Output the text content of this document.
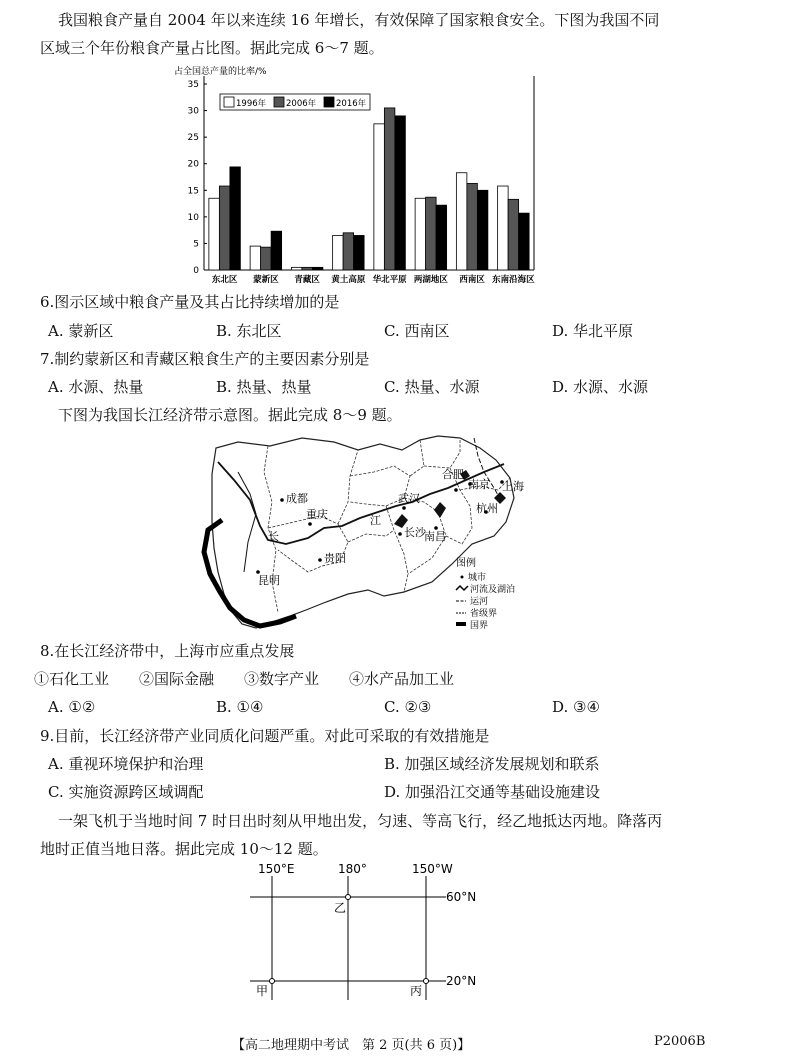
我国粮食产量自 2004 年以来连续 16 年增长，有效保障了国家粮食安全。下图为我国不同
区域三个年份粮食产量占比图。据此完成 6～7 题。
占全国总产量的比率/%
0
5
10
15
20
25
30
35
东北区 蒙新区 青藏区 黄土高原 华北平原 两湖地区 西南区 东南沿海区
1996年 2006年 2016年
6.图示区域中粮食产量及其占比持续增加的是
A. 蒙新区	B. 东北区	C. 西南区	D. 华北平原
7.制约蒙新区和青藏区粮食生产的主要因素分别是
A. 水源、热量	B. 热量、热量	C. 热量、水源	D. 水源、水源
下图为我国长江经济带示意图。据此完成 8～9 题。
成都
重庆
贵阳
昆明
武汉
长沙
南昌
合肥
南京 上海
杭州
长
江
图例
城市
河流及湖泊
运河
省级界
国界
8.在长江经济带中，上海市应重点发展
①石化工业　　②国际金融　　③数字产业　　④水产品加工业
A. ①②	B. ①④	C. ②③	D. ③④
9.目前，长江经济带产业同质化问题严重。对此可采取的有效措施是
A. 重视环境保护和治理	B. 加强区域经济发展规划和联系
C. 实施资源跨区域调配	D. 加强沿江交通等基础设施建设
一架飞机于当地时间 7 时日出时刻从甲地出发，匀速、等高飞行，经乙地抵达丙地。降落丙
地时正值当地日落。据此完成 10～12 题。
150°E	180°	150°W
60°N
20°N
甲
乙
丙
【高二地理期中考试　第 2 页(共 6 页)】	P2006B
